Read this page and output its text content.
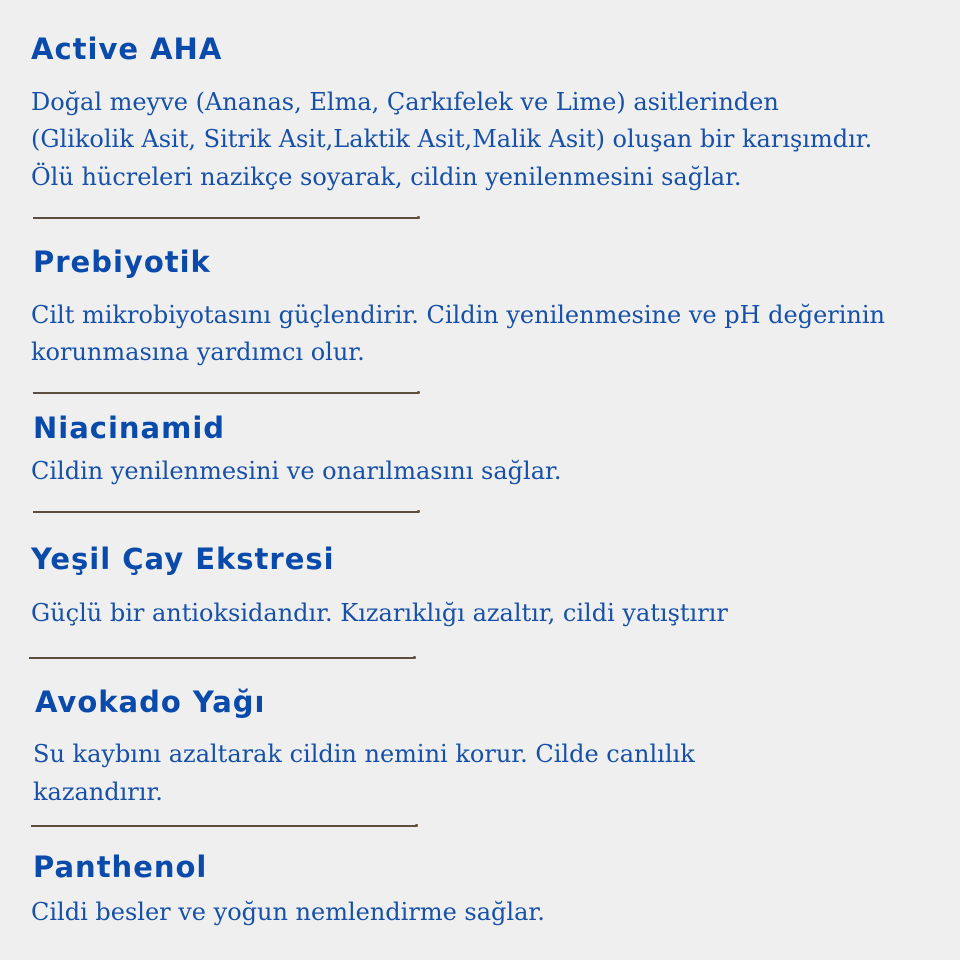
Active AHA

Doğal meyve (Ananas, Elma, Çarkıfelek ve Lime) asitlerinden

(Glikolik Asit, Sitrik Asit,Laktik Asit,Malik Asit) oluşan bir karışımdır.

Ölü hücreleri nazikçe soyarak, cildin yenilenmesini sağlar.

Prebiyotik

Cilt mikrobiyotasını güçlendirir. Cildin yenilenmesine ve pH değerinin

korunmasına yardımcı olur.

Niacinamid

Cildin yenilenmesini ve onarılmasını sağlar.

Yeşil Çay Ekstresi

Güçlü bir antioksidandır. Kızarıklığı azaltır, cildi yatıştırır

Avokado Yağı

Su kaybını azaltarak cildin nemini korur. Cilde canlılık

kazandırır.

Panthenol

Cildi besler ve yoğun nemlendirme sağlar.
